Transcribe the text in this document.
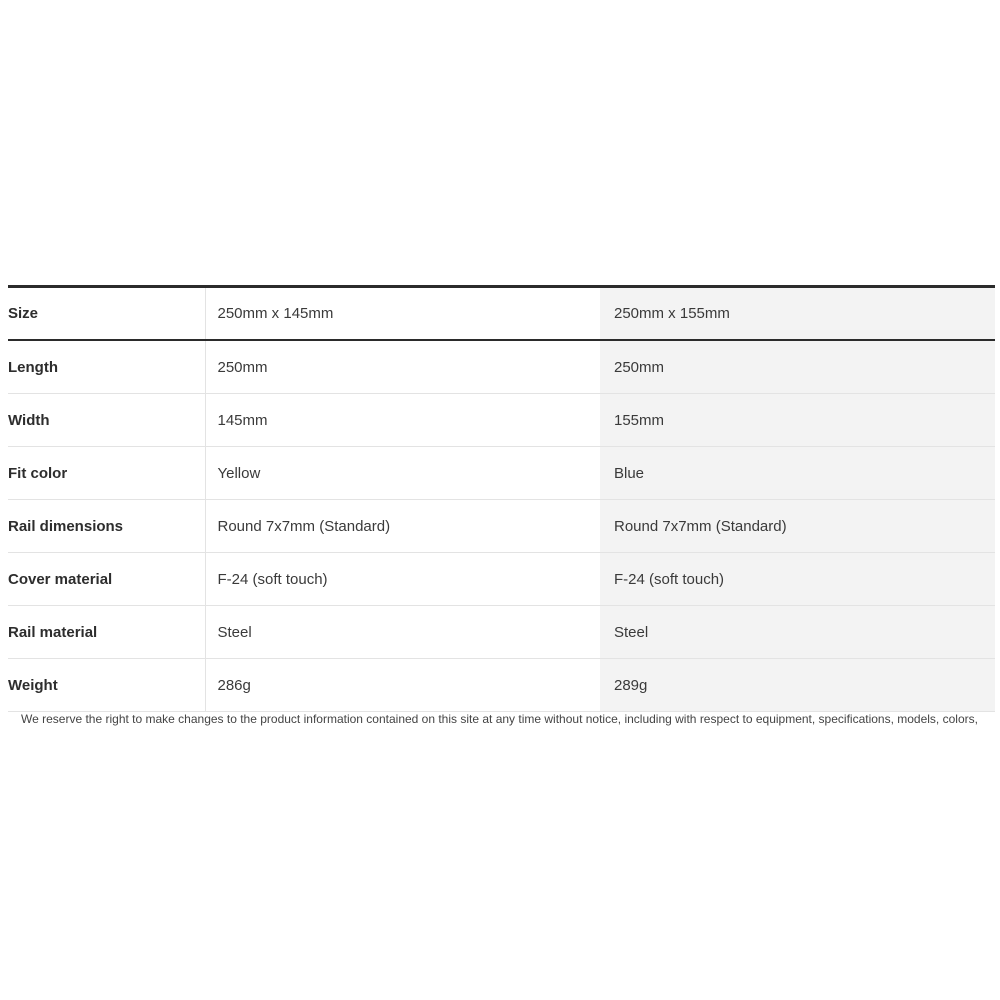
Size	250mm x 145mm	250mm x 155mm
Length	250mm	250mm
Width	145mm	155mm
Fit color	Yellow	Blue
Rail dimensions	Round 7x7mm (Standard)	Round 7x7mm (Standard)
Cover material	F-24 (soft touch)	F-24 (soft touch)
Rail material	Steel	Steel
Weight	286g	289g
We reserve the right to make changes to the product information contained on this site at any time without notice, including with respect to equipment, specifications, models, colors,
